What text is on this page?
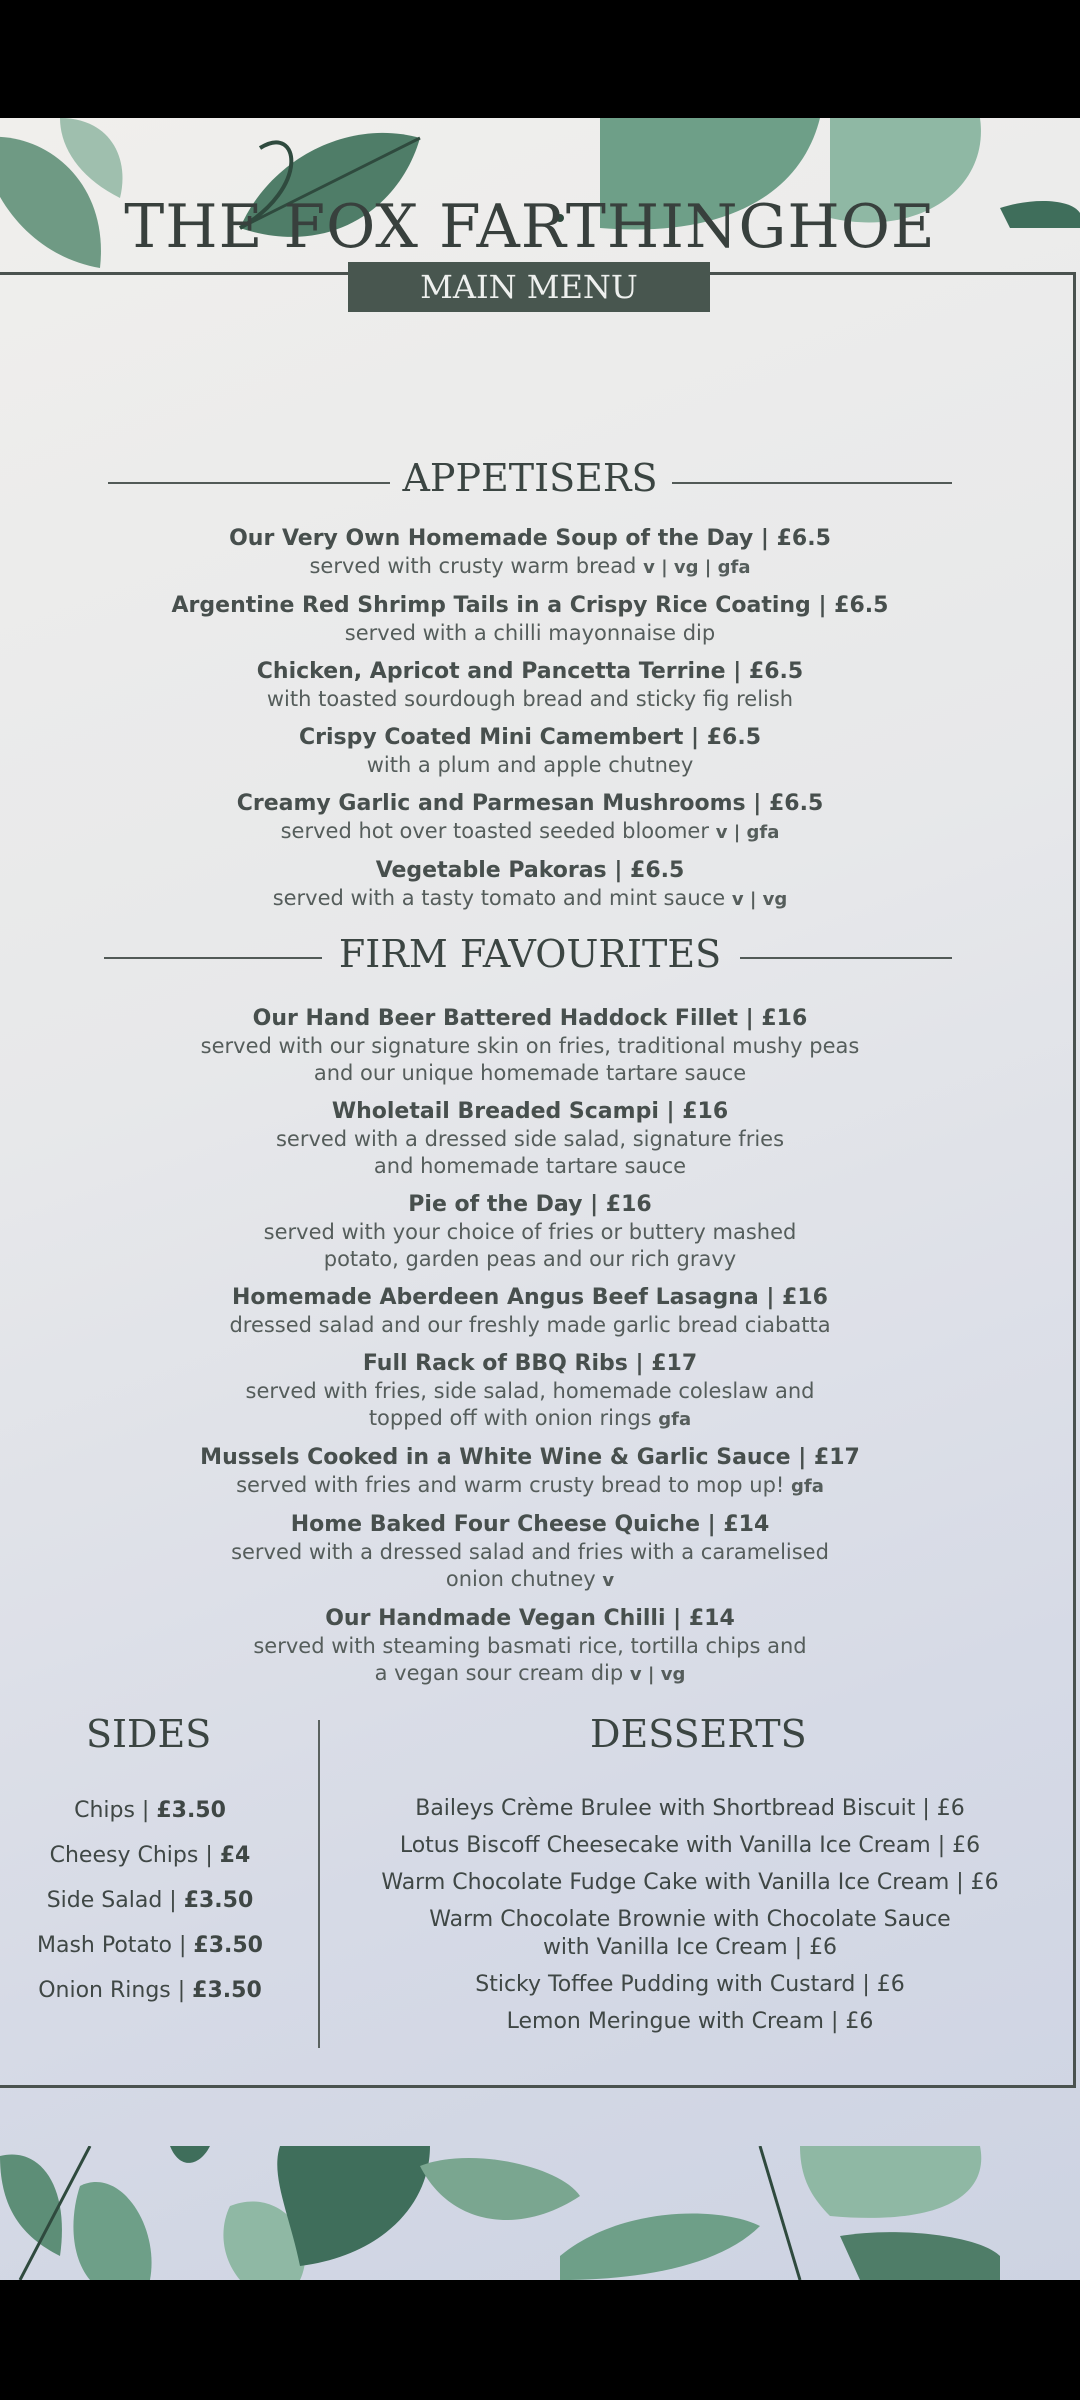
THE FOX FARTHINGHOE
MAIN MENU
APPETISERS
Our Very Own Homemade Soup of the Day | £6.5
served with crusty warm bread v | vg | gfa
Argentine Red Shrimp Tails in a Crispy Rice Coating | £6.5
served with a chilli mayonnaise dip
Chicken, Apricot and Pancetta Terrine | £6.5
with toasted sourdough bread and sticky fig relish
Crispy Coated Mini Camembert | £6.5
with a plum and apple chutney
Creamy Garlic and Parmesan Mushrooms | £6.5
served hot over toasted seeded bloomer v | gfa
Vegetable Pakoras | £6.5
served with a tasty tomato and mint sauce v | vg
FIRM FAVOURITES
Our Hand Beer Battered Haddock Fillet | £16
served with our signature skin on fries, traditional mushy peas
and our unique homemade tartare sauce
Wholetail Breaded Scampi | £16
served with a dressed side salad, signature fries
and homemade tartare sauce
Pie of the Day | £16
served with your choice of fries or buttery mashed
potato, garden peas and our rich gravy
Homemade Aberdeen Angus Beef Lasagna | £16
dressed salad and our freshly made garlic bread ciabatta
Full Rack of BBQ Ribs | £17
served with fries, side salad, homemade coleslaw and
topped off with onion rings gfa
Mussels Cooked in a White Wine & Garlic Sauce | £17
served with fries and warm crusty bread to mop up! gfa
Home Baked Four Cheese Quiche | £14
served with a dressed salad and fries with a caramelised
onion chutney v
Our Handmade Vegan Chilli | £14
served with steaming basmati rice, tortilla chips and
a vegan sour cream dip v | vg
SIDES
Chips | £3.50
Cheesy Chips | £4
Side Salad | £3.50
Mash Potato | £3.50
Onion Rings | £3.50
DESSERTS
Baileys Crème Brulee with Shortbread Biscuit | £6
Lotus Biscoff Cheesecake with Vanilla Ice Cream | £6
Warm Chocolate Fudge Cake with Vanilla Ice Cream | £6
Warm Chocolate Brownie with Chocolate Sauce
with Vanilla Ice Cream | £6
Sticky Toffee Pudding with Custard | £6
Lemon Meringue with Cream | £6
